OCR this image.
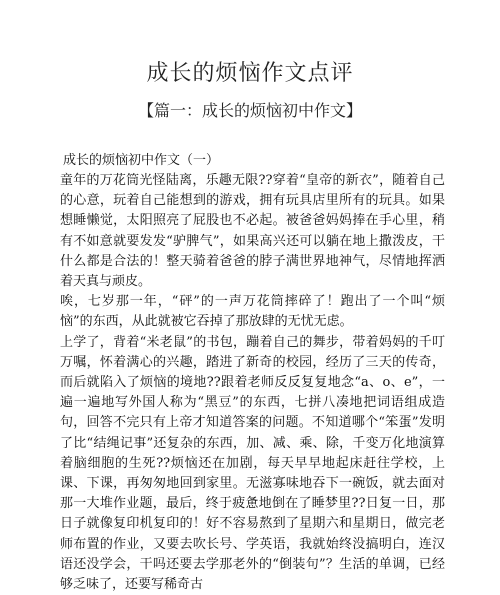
成长的烦恼作文点评
【篇一：成长的烦恼初中作文】
成长的烦恼初中作文（一）

童年的万花筒光怪陆离，乐趣无限??穿着“皇帝的新衣”，随着自己的心意，玩着自己能想到的游戏，拥有玩具店里所有的玩具。如果想睡懒觉，太阳照亮了屁股也不必起。被爸爸妈妈捧在手心里，稍有不如意就要发发“驴脾气”，如果高兴还可以躺在地上撒泼皮，干什么都是合法的！整天骑着爸爸的脖子满世界地神气，尽情地挥洒着天真与顽皮。

唉，七岁那一年，“砰”的一声万花筒摔碎了！跑出了一个叫“烦恼”的东西，从此就被它吞掉了那放肆的无忧无虑。

上学了，背着“米老鼠”的书包，蹦着自己的舞步，带着妈妈的千叮万嘱，怀着满心的兴趣，踏进了新奇的校园，经历了三天的传奇，而后就陷入了烦恼的境地??跟着老师反反复复地念“a、o、e”，一遍一遍地写外国人称为“黑豆”的东西，七拼八凑地把词语组成造句，回答不完只有上帝才知道答案的问题。不知道哪个“笨蛋”发明了比“结绳记事”还复杂的东西，加、减、乘、除，千变万化地演算着脑细胞的生死??烦恼还在加剧，每天早早地起床赶往学校，上课、下课，再匆匆地回到家里。无滋寡味地吞下一碗饭，就去面对那一大堆作业题，最后，终于疲惫地倒在了睡梦里??日复一日，那日子就像复印机复印的！好不容易熬到了星期六和星期日，做完老师布置的作业，又要去吹长号、学英语，我就始终没搞明白，连汉语还没学会，干吗还要去学那老外的“倒装句”？生活的单调，已经够乏味了，还要写稀奇古
